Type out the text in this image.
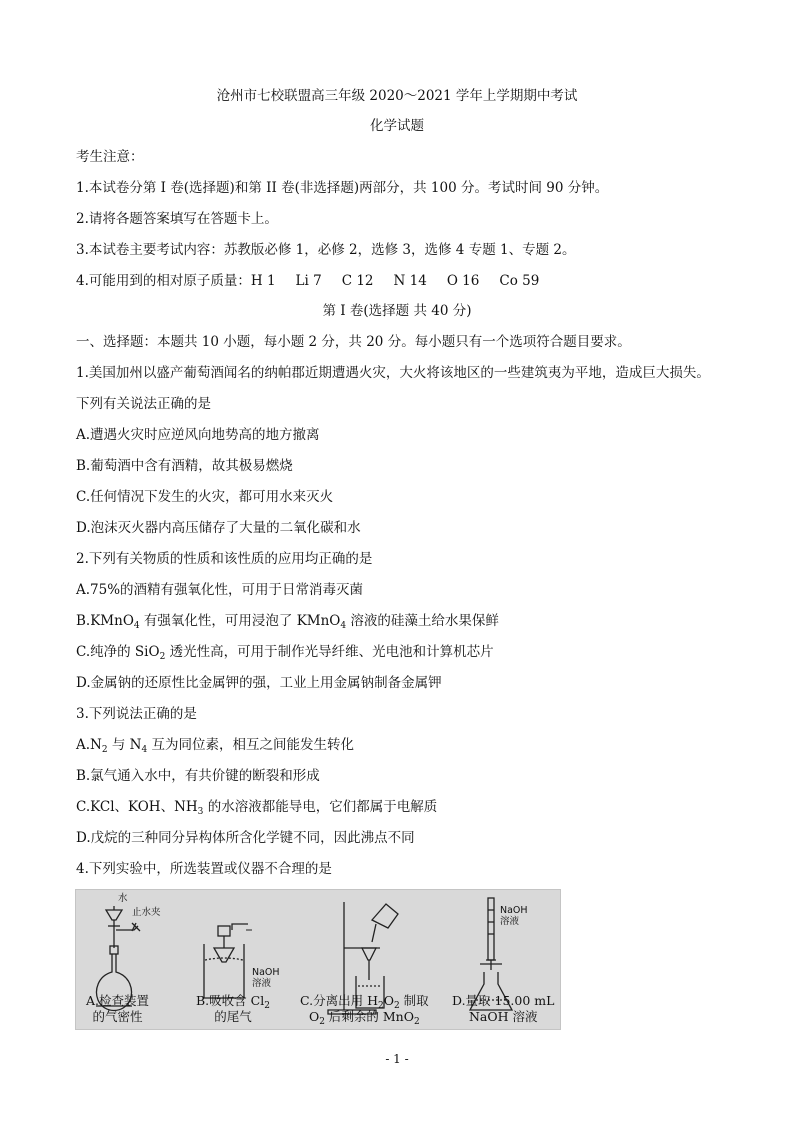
沧州市七校联盟高三年级 2020～2021 学年上学期期中考试
化学试题
考生注意：
1.本试卷分第 I 卷(选择题)和第 II 卷(非选择题)两部分，共 100 分。考试时间 90 分钟。
2.请将各题答案填写在答题卡上。
3.本试卷主要考试内容：苏教版必修 1，必修 2，选修 3，选修 4 专题 1、专题 2。
4.可能用到的相对原子质量：H 1 Li 7 C 12 N 14 O 16 Co 59
第 I 卷(选择题 共 40 分)
一、选择题：本题共 10 小题，每小题 2 分，共 20 分。每小题只有一个选项符合题目要求。
1.美国加州以盛产葡萄酒闻名的纳帕郡近期遭遇火灾，大火将该地区的一些建筑夷为平地，造成巨大损失。
下列有关说法正确的是
A.遭遇火灾时应逆风向地势高的地方撤离
B.葡萄酒中含有酒精，故其极易燃烧
C.任何情况下发生的火灾，都可用水来灭火
D.泡沫灭火器内高压储存了大量的二氧化碳和水
2.下列有关物质的性质和该性质的应用均正确的是
A.75%的酒精有强氧化性，可用于日常消毒灭菌
B.KMnO$_4$ 有强氧化性，可用浸泡了 KMnO$_4$ 溶液的硅藻土给水果保鲜
C.纯净的 SiO$_2$ 透光性高，可用于制作光导纤维、光电池和计算机芯片
D.金属钠的还原性比金属钾的强，工业上用金属钠制备金属钾
3.下列说法正确的是
$A.N_2$ 与 $N_4$ 互为同位素，相互之间能发生转化
B.氯气通入水中，有共价键的断裂和形成
C.KCl、KOH、$NH_3$ 的水溶液都能导电，它们都属于电解质
D.戊烷的三种同分异构体所含化学键不同，因此沸点不同
4.下列实验中，所选装置或仪器不合理的是
水
止水夹
NaOH
溶液
NaOH
溶液
A.检查装置
的气密性
B.吸收含 $Cl_2$
的尾气
C.分离出用 $H_2O_2$ 制取
$O_2$ 后剩余的 MnO$_2$
D.量取 15.00 mL
NaOH 溶液
- 1 -
